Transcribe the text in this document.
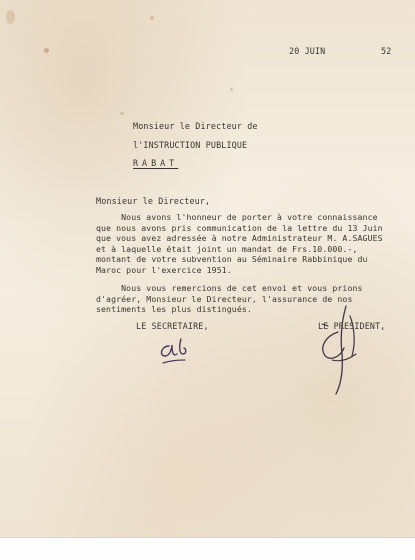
20 JUIN	52
Monsieur le Directeur de
l'INSTRUCTION PUBLIQUE
RABAT
Monsieur le Directeur,
Nous avons l'honneur de porter à votre connaissance
que nous avons pris communication de la lettre du 13 Juin
que vous avez adressée à notre Administrateur M. A.SAGUES
et à laquelle était joint un mandat de Frs.10.000.-,
montant de votre subvention au Séminaire Rabbinique du
Maroc pour l'exercice 1951.
Nous vous remercions de cet envoi et vous prions
d'agréer, Monsieur le Directeur, l'assurance de nos
sentiments les plus distingués.
LE SECRETAIRE,	LE PRESIDENT,
